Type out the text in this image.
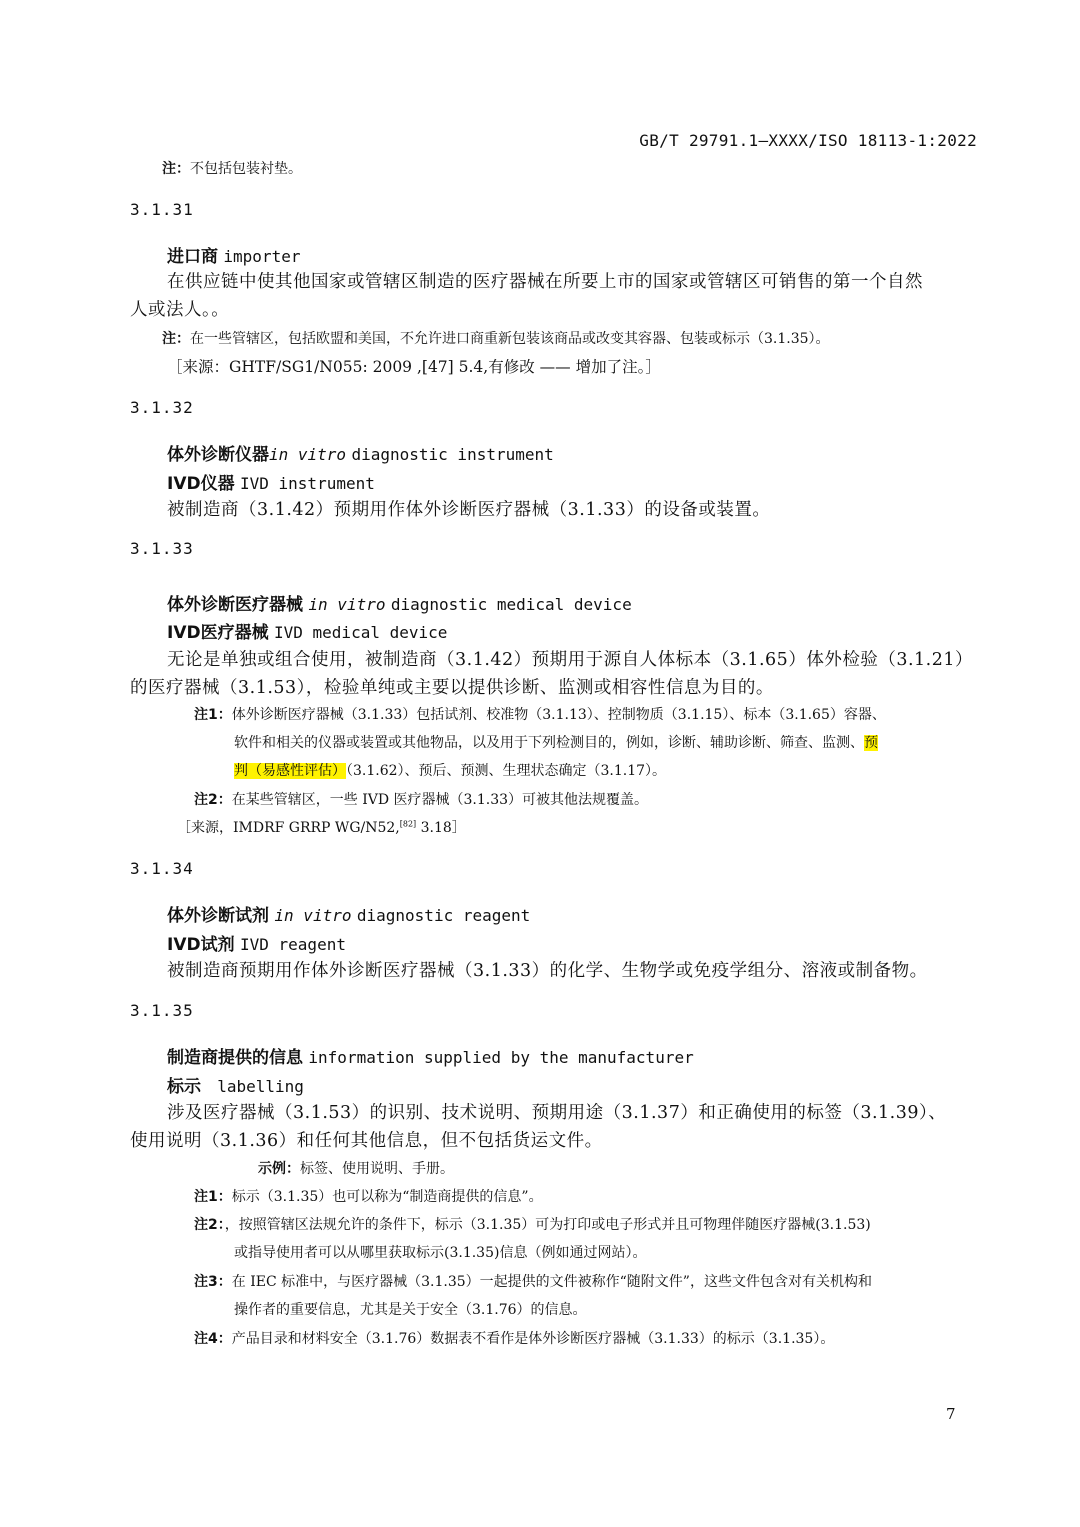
GB/T 29791.1—XXXX/ISO 18113-1:2022
注：不包括包装衬垫。
3.1.31
进口商 importer
在供应链中使其他国家或管辖区制造的医疗器械在所要上市的国家或管辖区可销售的第一个自然
人或法人。。
注：在一些管辖区，包括欧盟和美国，不允许进口商重新包装该商品或改变其容器、包装或标示（3.1.35）。
［来源：GHTF/SG1/N055: 2009 ,[47] 5.4,有修改 —— 增加了注。］
3.1.32
体外诊断仪器in vitro diagnostic instrument
IVD仪器 IVD instrument
被制造商（3.1.42）预期用作体外诊断医疗器械（3.1.33）的设备或装置。
3.1.33
体外诊断医疗器械 in vitro diagnostic medical device
IVD医疗器械 IVD medical device
无论是单独或组合使用，被制造商（3.1.42）预期用于源自人体标本（3.1.65）体外检验（3.1.21）
的医疗器械（3.1.53），检验单纯或主要以提供诊断、监测或相容性信息为目的。
注1：体外诊断医疗器械（3.1.33）包括试剂、校准物（3.1.13）、控制物质（3.1.15）、标本（3.1.65）容器、
软件和相关的仪器或装置或其他物品，以及用于下列检测目的，例如，诊断、辅助诊断、筛查、监测、预
判（易感性评估）（3.1.62）、预后、预测、生理状态确定（3.1.17）。
注2：在某些管辖区，一些 IVD 医疗器械（3.1.33）可被其他法规覆盖。
［来源，IMDRF GRRP WG/N52,[82] 3.18］
3.1.34
体外诊断试剂 in vitro diagnostic reagent
IVD试剂 IVD reagent
被制造商预期用作体外诊断医疗器械（3.1.33）的化学、生物学或免疫学组分、溶液或制备物。
3.1.35
制造商提供的信息 information supplied by the manufacturer
标示 labelling
涉及医疗器械（3.1.53）的识别、技术说明、预期用途（3.1.37）和正确使用的标签（3.1.39）、
使用说明（3.1.36）和任何其他信息，但不包括货运文件。
示例：标签、使用说明、手册。
注1：标示（3.1.35）也可以称为“制造商提供的信息”。
注2：，按照管辖区法规允许的条件下，标示（3.1.35）可为打印或电子形式并且可物理伴随医疗器械(3.1.53)
或指导使用者可以从哪里获取标示(3.1.35)信息（例如通过网站）。
注3：在 IEC 标准中，与医疗器械（3.1.35）一起提供的文件被称作“随附文件”，这些文件包含对有关机构和
操作者的重要信息，尤其是关于安全（3.1.76）的信息。
注4：产品目录和材料安全（3.1.76）数据表不看作是体外诊断医疗器械（3.1.33）的标示（3.1.35）。
7
